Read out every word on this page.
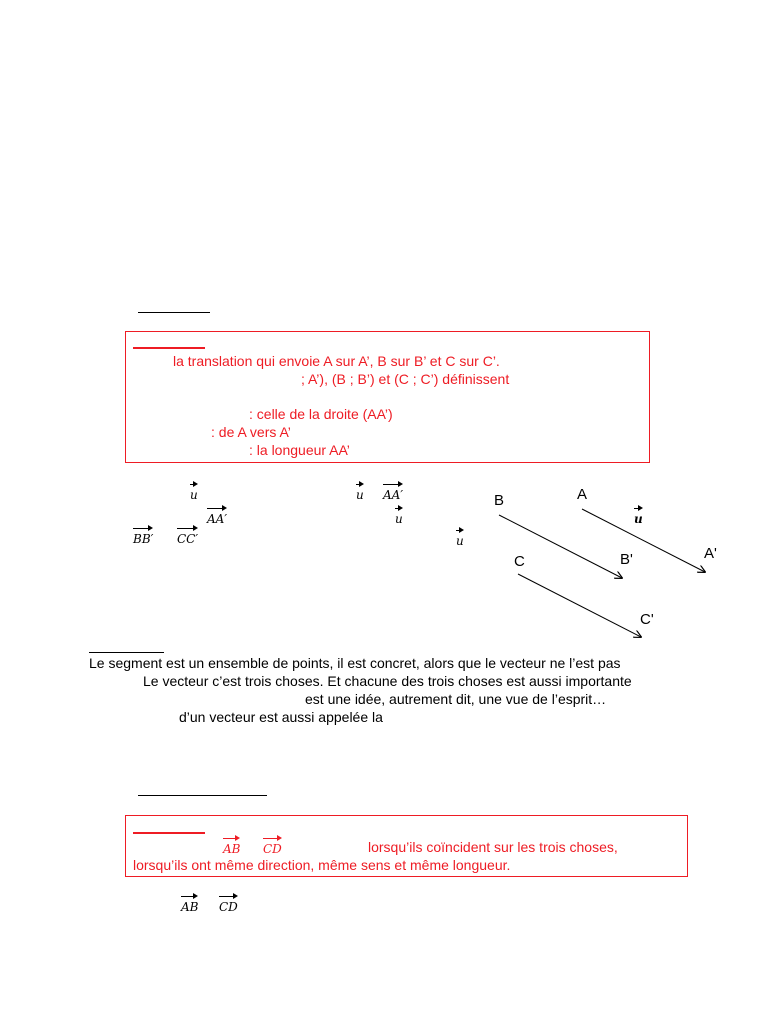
la translation qui envoie A sur A’, B sur B’ et C sur C’.
; A’), (B ; B’) et (C ; C’) définissent
: celle de la droite (AA’)
: de A vers A’
: la longueur AA’
u	u AA′
AA′	u
BB′ CC′	u
B	A
u
B'	A'
C
C'
Le segment est un ensemble de points, il est concret, alors que le vecteur ne l’est pas
Le vecteur c’est trois choses. Et chacune des trois choses est aussi importante
est une idée, autrement dit, une vue de l’esprit…
d’un vecteur est aussi appelée la
AB CD	lorsqu’ils coïncident sur les trois choses,
lorsqu’ils ont même direction, même sens et même longueur.
AB CD
